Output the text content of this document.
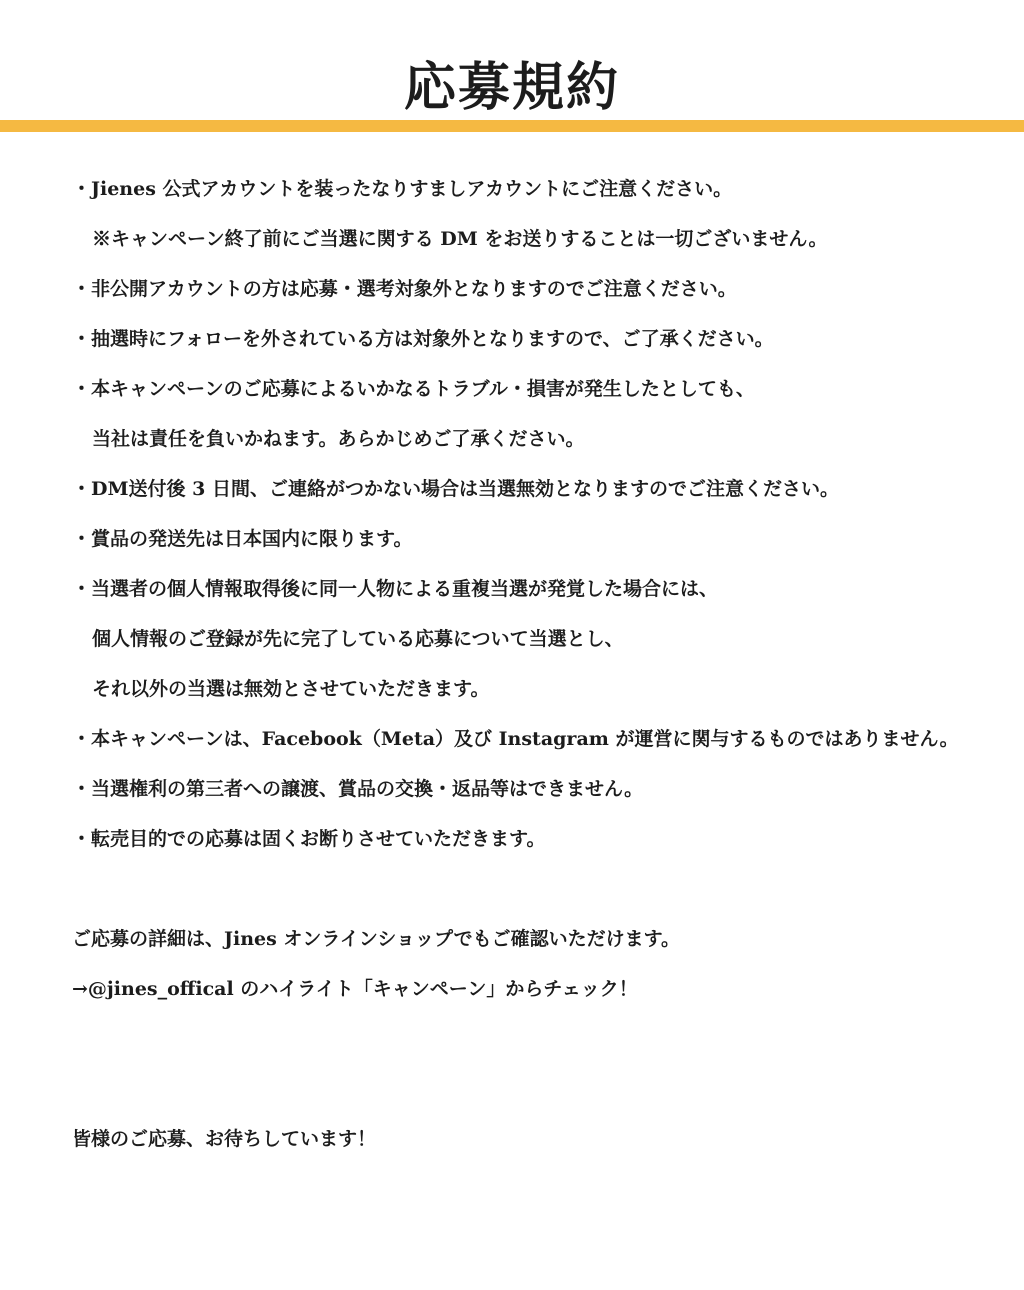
応募規約
・Jienes 公式アカウントを装ったなりすましアカウントにご注意ください。
※キャンペーン終了前にご当選に関する DM をお送りすることは一切ございません。
・非公開アカウントの方は応募・選考対象外となりますのでご注意ください。
・抽選時にフォローを外されている方は対象外となりますので、ご了承ください。
・本キャンペーンのご応募によるいかなるトラブル・損害が発生したとしても、
当社は責任を負いかねます。あらかじめご了承ください。
・DM送付後 3 日間、ご連絡がつかない場合は当選無効となりますのでご注意ください。
・賞品の発送先は日本国内に限ります。
・当選者の個人情報取得後に同一人物による重複当選が発覚した場合には、
個人情報のご登録が先に完了している応募について当選とし、
それ以外の当選は無効とさせていただきます。
・本キャンペーンは、Facebook（Meta）及び Instagram が運営に関与するものではありません。
・当選権利の第三者への譲渡、賞品の交換・返品等はできません。
・転売目的での応募は固くお断りさせていただきます。
ご応募の詳細は、Jines オンラインショップでもご確認いただけます。
→@jines_offical のハイライト「キャンペーン」からチェック！
皆様のご応募、お待ちしています！
